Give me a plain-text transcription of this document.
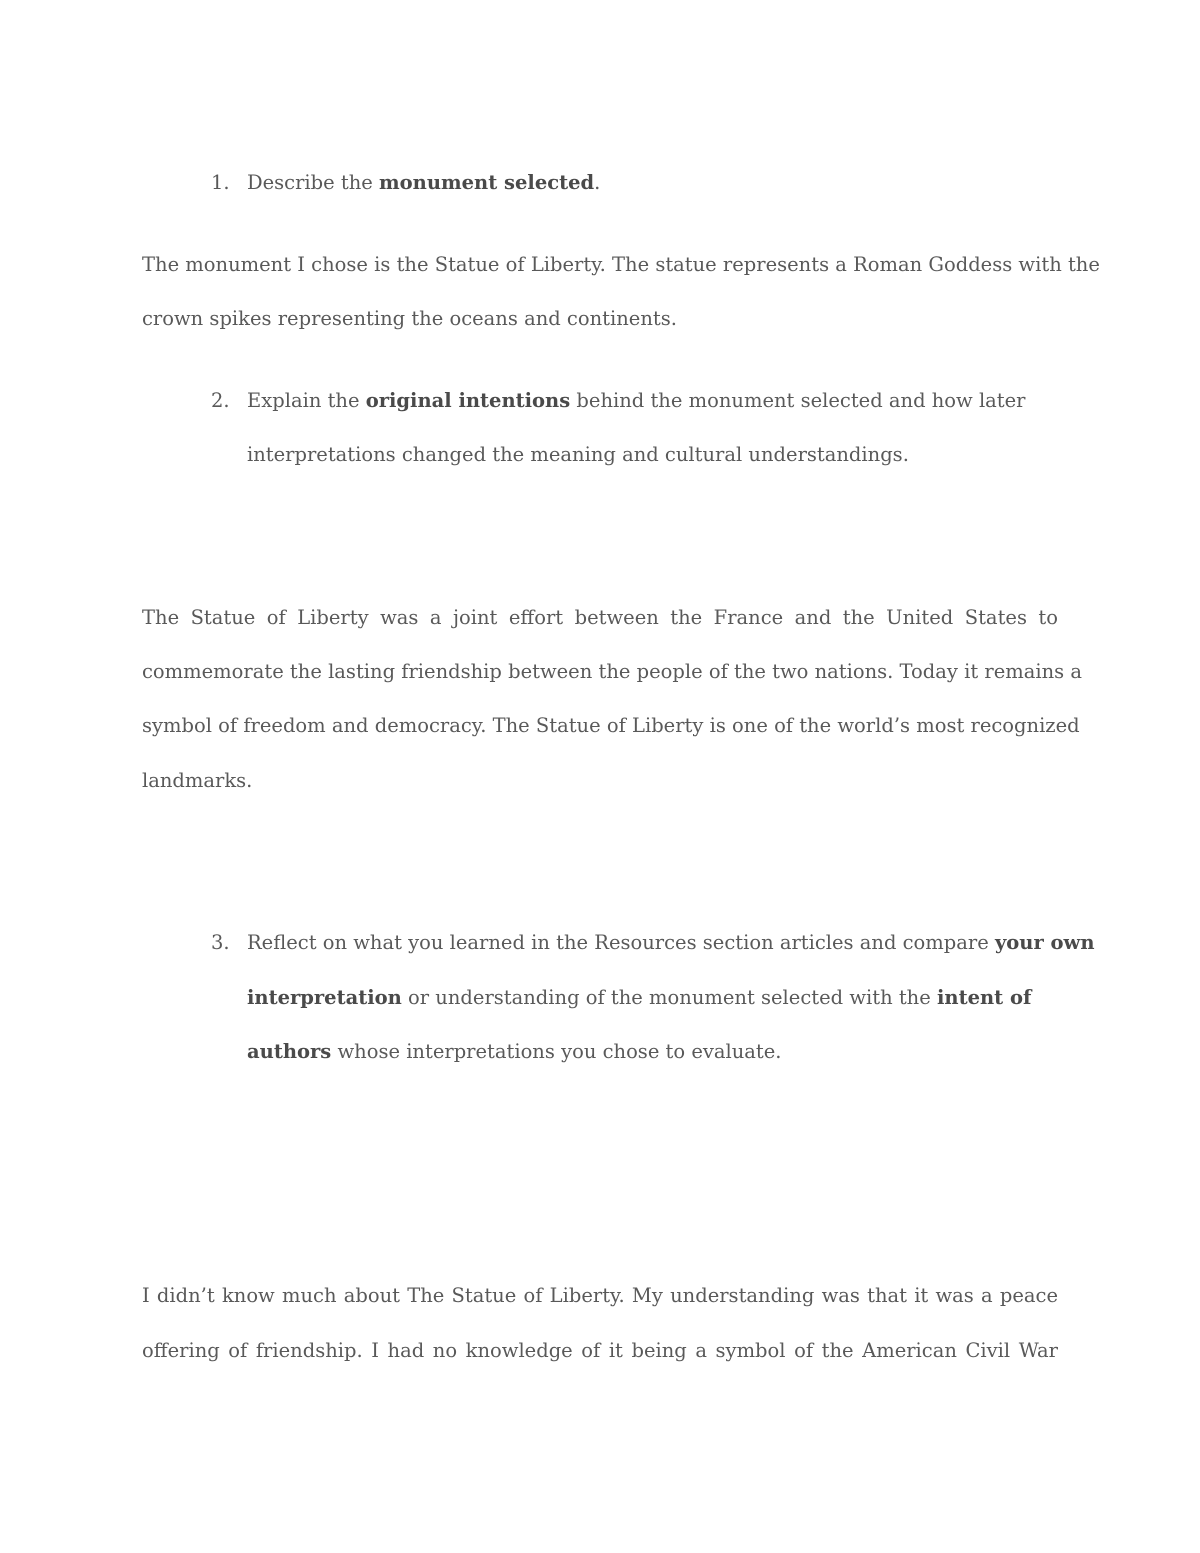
1. Describe the monument selected.

The monument I chose is the Statue of Liberty. The statue represents a Roman Goddess with the

crown spikes representing the oceans and continents.

2. Explain the original intentions behind the monument selected and how later

interpretations changed the meaning and cultural understandings.

The Statue of Liberty was a joint effort between the France and the United States to

commemorate the lasting friendship between the people of the two nations. Today it remains a

symbol of freedom and democracy. The Statue of Liberty is one of the world’s most recognized

landmarks.

3. Reflect on what you learned in the Resources section articles and compare your own

interpretation or understanding of the monument selected with the intent of

authors whose interpretations you chose to evaluate.

I didn’t know much about The Statue of Liberty. My understanding was that it was a peace

offering of friendship. I had no knowledge of it being a symbol of the American Civil War
